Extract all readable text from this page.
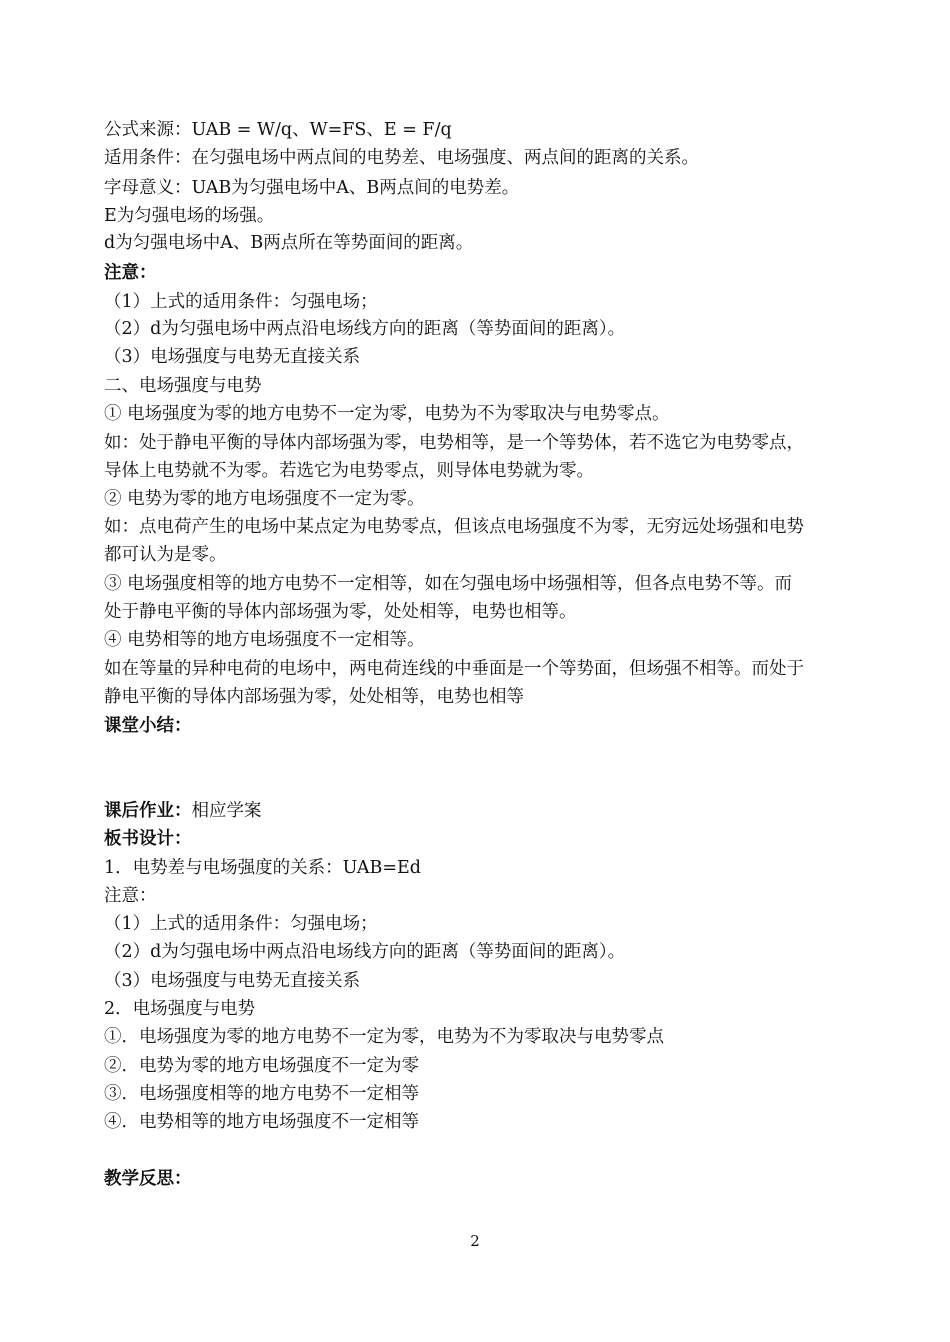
公式来源：UAB = W/q、W=FS、E = F/q
适用条件：在匀强电场中两点间的电势差、电场强度、两点间的距离的关系。
字母意义：UAB为匀强电场中A、B两点间的电势差。
E为匀强电场的场强。
d为匀强电场中A、B两点所在等势面间的距离。
注意：
（1）上式的适用条件：匀强电场；
（2）d为匀强电场中两点沿电场线方向的距离（等势面间的距离）。
（3）电场强度与电势无直接关系
二、电场强度与电势
① 电场强度为零的地方电势不一定为零，电势为不为零取决与电势零点。
如：处于静电平衡的导体内部场强为零，电势相等，是一个等势体，若不选它为电势零点，
导体上电势就不为零。若选它为电势零点，则导体电势就为零。
② 电势为零的地方电场强度不一定为零。
如：点电荷产生的电场中某点定为电势零点，但该点电场强度不为零，无穷远处场强和电势
都可认为是零。
③ 电场强度相等的地方电势不一定相等，如在匀强电场中场强相等，但各点电势不等。而
处于静电平衡的导体内部场强为零，处处相等，电势也相等。
④ 电势相等的地方电场强度不一定相等。
如在等量的异种电荷的电场中，两电荷连线的中垂面是一个等势面，但场强不相等。而处于
静电平衡的导体内部场强为零，处处相等，电势也相等
课堂小结：
课后作业：相应学案
板书设计：
1．电势差与电场强度的关系：UAB=Ed
注意：
（1）上式的适用条件：匀强电场；
（2）d为匀强电场中两点沿电场线方向的距离（等势面间的距离）。
（3）电场强度与电势无直接关系
2．电场强度与电势
①．电场强度为零的地方电势不一定为零，电势为不为零取决与电势零点
②．电势为零的地方电场强度不一定为零
③．电场强度相等的地方电势不一定相等
④．电势相等的地方电场强度不一定相等
教学反思：
2
